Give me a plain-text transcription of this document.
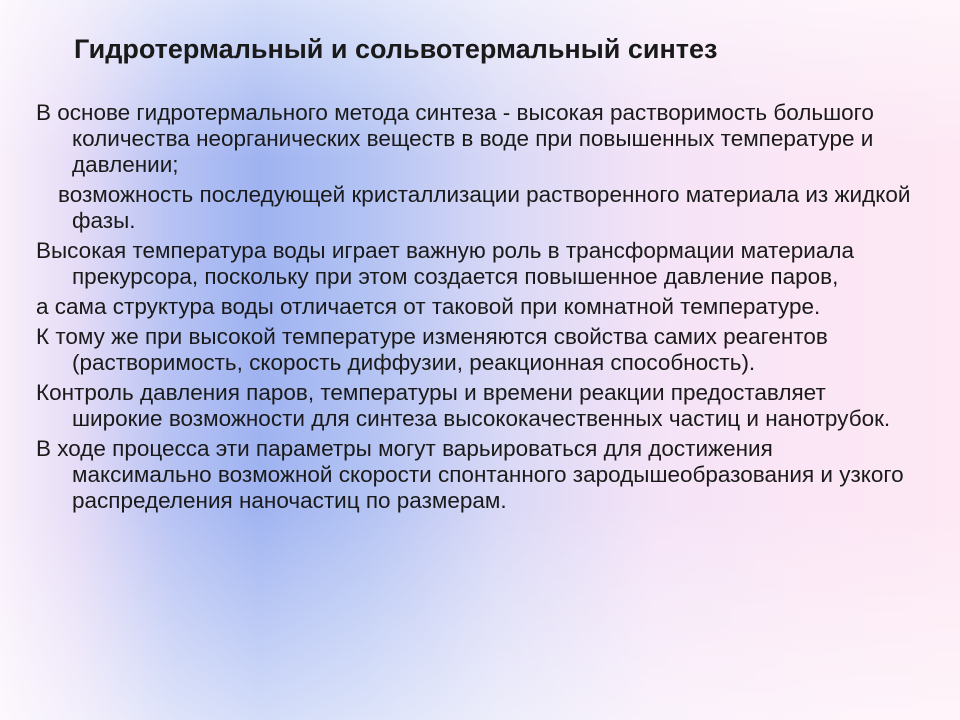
Гидротермальный и сольвотермальный синтез

В основе гидротермального метода синтеза - высокая растворимость большого количества неорганических веществ в воде при повышенных температуре и давлении;

возможность последующей кристаллизации растворенного материала из жидкой фазы.

Высокая температура воды играет важную роль в трансформации материала прекурсора, поскольку при этом создается повышенное давление паров,

а сама структура воды отличается от таковой при комнатной температуре.

К тому же при высокой температуре изменяются свойства самих реагентов (растворимость, скорость диффузии, реакционная способность).

Контроль давления паров, температуры и времени реакции предоставляет широкие возможности для синтеза высококачественных частиц и нанотрубок.

В ходе процесса эти параметры могут варьироваться для достижения максимально возможной скорости спонтанного зародышеобразования и узкого распределения наночастиц по размерам.
